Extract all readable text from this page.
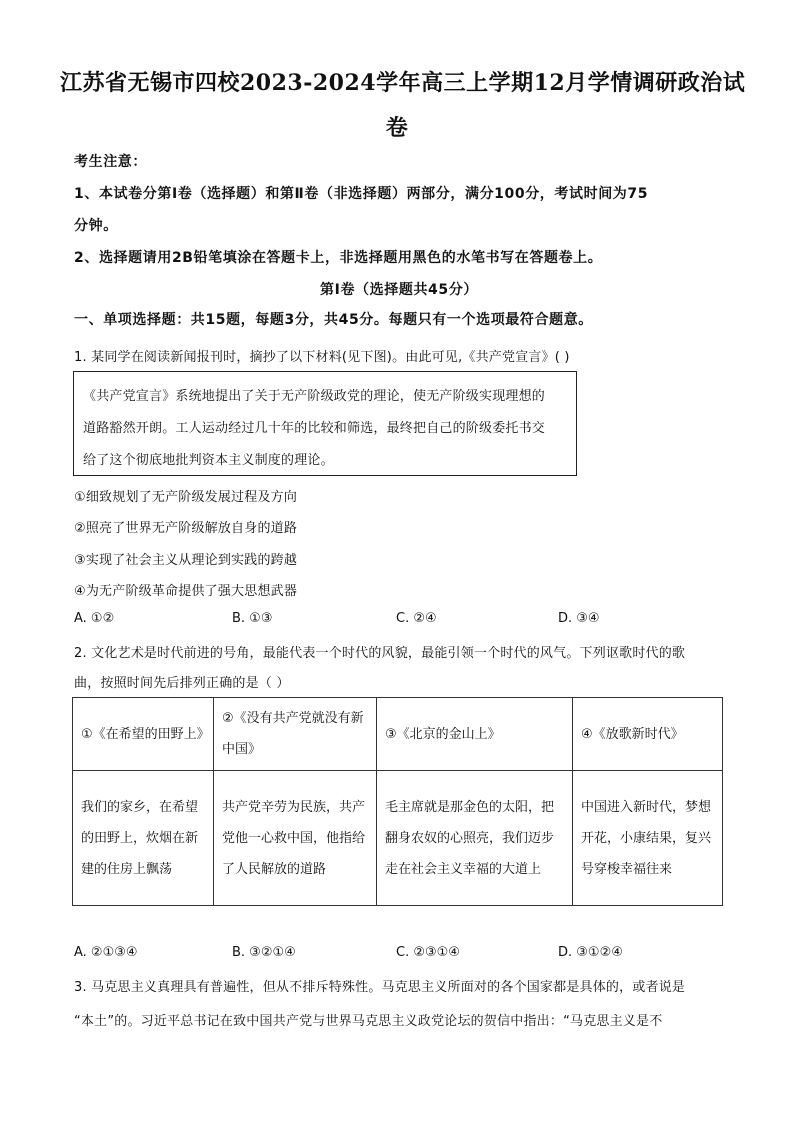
江苏省无锡市四校2023-2024学年高三上学期12月学情调研政治试
卷
考生注意：
1、本试卷分第Ⅰ卷（选择题）和第Ⅱ卷（非选择题）两部分，满分100分，考试时间为75
分钟。
2、选择题请用2B铅笔填涂在答题卡上，非选择题用黑色的水笔书写在答题卷上。
第Ⅰ卷（选择题共45分）
一、单项选择题：共15题，每题3分，共45分。每题只有一个选项最符合题意。
1. 某同学在阅读新闻报刊时，摘抄了以下材料(见下图)。由此可见,《共产党宣言》( )
《共产党宣言》系统地提出了关于无产阶级政党的理论，使无产阶级实现理想的
道路豁然开朗。工人运动经过几十年的比较和筛选，最终把自己的阶级委托书交
给了这个彻底地批判资本主义制度的理论。
①细致规划了无产阶级发展过程及方向
②照亮了世界无产阶级解放自身的道路
③实现了社会主义从理论到实践的跨越
④为无产阶级革命提供了强大思想武器
A. ①②	B. ①③	C. ②④	D. ③④
2. 文化艺术是时代前进的号角，最能代表一个时代的风貌，最能引领一个时代的风气。下列讴歌时代的歌
曲，按照时间先后排列正确的是（ ）
①《在希望的田野上》	②《没有共产党就没有新中国》	③《北京的金山上》	④《放歌新时代》
我们的家乡，在希望的田野上，炊烟在新建的住房上飘荡	共产党辛劳为民族，共产党他一心救中国，他指给了人民解放的道路	毛主席就是那金色的太阳，把翻身农奴的心照亮，我们迈步走在社会主义幸福的大道上	中国进入新时代，梦想开花，小康结果，复兴号穿梭幸福往来
A. ②①③④	B. ③②①④	C. ②③①④	D. ③①②④
3. 马克思主义真理具有普遍性，但从不排斥特殊性。马克思主义所面对的各个国家都是具体的，或者说是
“本土”的。习近平总书记在致中国共产党与世界马克思主义政党论坛的贺信中指出：“马克思主义是不
